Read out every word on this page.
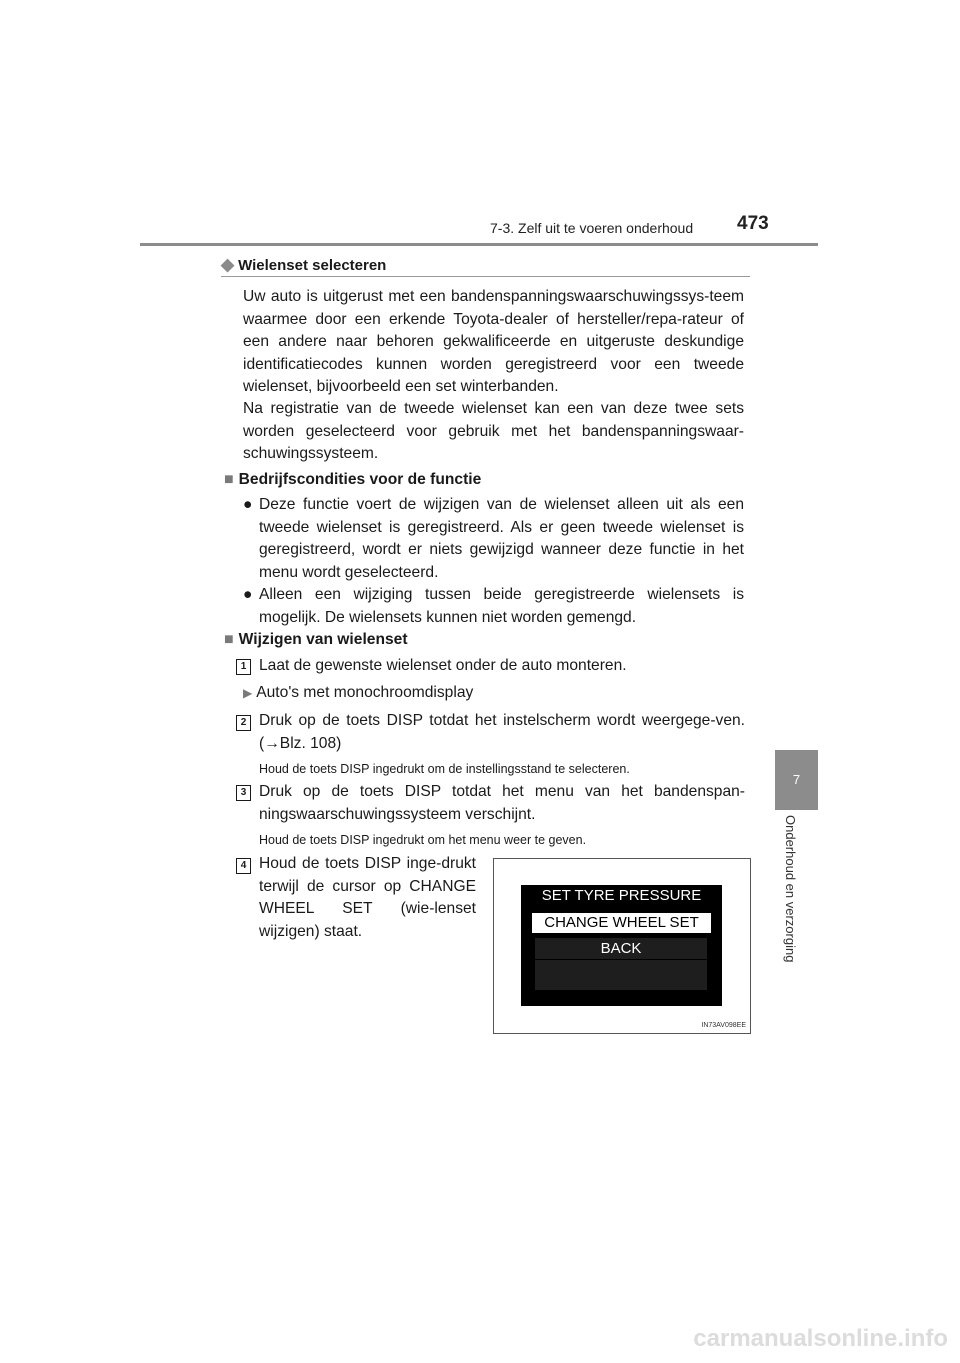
7-3. Zelf uit te voeren onderhoud 473
7
Onderhoud en verzorging
◆ Wielenset selecteren
Uw auto is uitgerust met een bandenspanningswaarschuwingssys-teem waarmee door een erkende Toyota-dealer of hersteller/repa-rateur of een andere naar behoren gekwalificeerde en uitgeruste deskundige identificatiecodes kunnen worden geregistreerd voor een tweede wielenset, bijvoorbeeld een set winterbanden.
Na registratie van de tweede wielenset kan een van deze twee sets worden geselecteerd voor gebruik met het bandenspanningswaar-schuwingssysteem.
■ Bedrijfscondities voor de functie
● Deze functie voert de wijzigen van de wielenset alleen uit als een tweede wielenset is geregistreerd. Als er geen tweede wielenset is geregistreerd, wordt er niets gewijzigd wanneer deze functie in het menu wordt geselecteerd.
● Alleen een wijziging tussen beide geregistreerde wielensets is mogelijk. De wielensets kunnen niet worden gemengd.
■ Wijzigen van wielenset
1 Laat de gewenste wielenset onder de auto monteren.
▶ Auto's met monochroomdisplay
2 Druk op de toets DISP totdat het instelscherm wordt weergege-ven. (→Blz. 108)
Houd de toets DISP ingedrukt om de instellingsstand te selecteren.
3 Druk op de toets DISP totdat het menu van het bandenspan-ningswaarschuwingssysteem verschijnt.
Houd de toets DISP ingedrukt om het menu weer te geven.
4 Houd de toets DISP inge-drukt terwijl de cursor op CHANGE WHEEL SET (wie-lenset wijzigen) staat.
SET TYRE PRESSURE
CHANGE WHEEL SET
BACK
IN73AV098EE
carmanualsonline.info
